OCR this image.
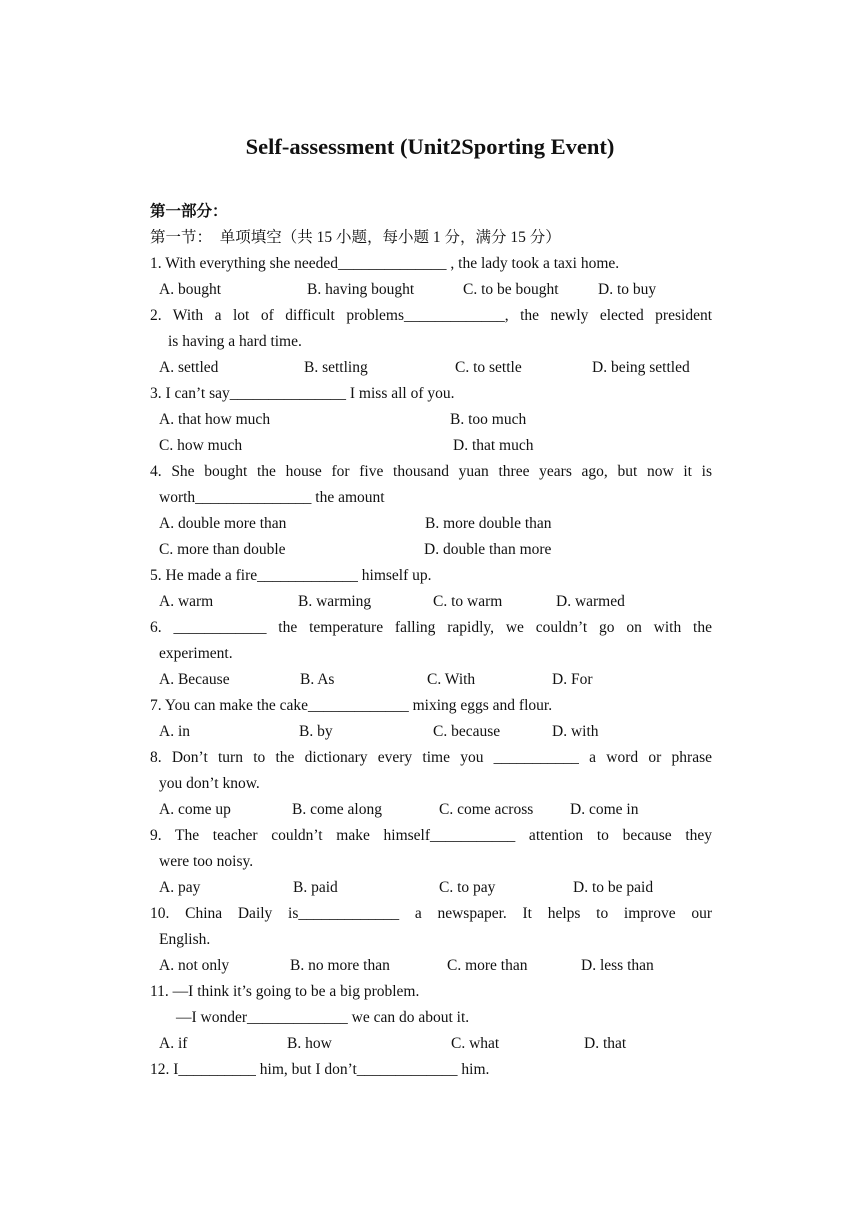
Self-assessment (Unit2Sporting Event)
第一部分：
第一节：　单项填空（共 15 小题，每小题 1 分，满分 15 分）
1. With everything she needed______________ , the lady took a taxi home.
A. bought	B. having bought	C. to be bought	D. to buy
2. With a lot of difficult problems_____________, the newly elected president
is having a hard time.
A. settled	B. settling	C. to settle	D. being settled
3. I can’t say_______________ I miss all of you.
A. that how much	B. too much
C. how much	D. that much
4. She bought the house for five thousand yuan three years ago, but now it is
worth_______________ the amount
A. double more than	B. more double than
C. more than double	D. double than more
5. He made a fire_____________ himself up.
A. warm	B. warming	C. to warm	D. warmed
6. ____________ the temperature falling rapidly, we couldn’t go on with the
experiment.
A. Because	B. As	C. With	D. For
7. You can make the cake_____________ mixing eggs and flour.
A. in	B. by	C. because	D. with
8. Don’t turn to the dictionary every time you ___________ a word or phrase
you don’t know.
A. come up	B. come along	C. come across D. come in
9. The teacher couldn’t make himself___________ attention to because they
were too noisy.
A. pay	B. paid	C. to pay	D. to be paid
10. China Daily is_____________ a newspaper. It helps to improve our
English.
A. not only	B. no more than	C. more than	D. less than
11. —I think it’s going to be a big problem.
—I wonder_____________ we can do about it.
A. if	B. how	C. what	D. that
12. I__________ him, but I don’t_____________ him.
